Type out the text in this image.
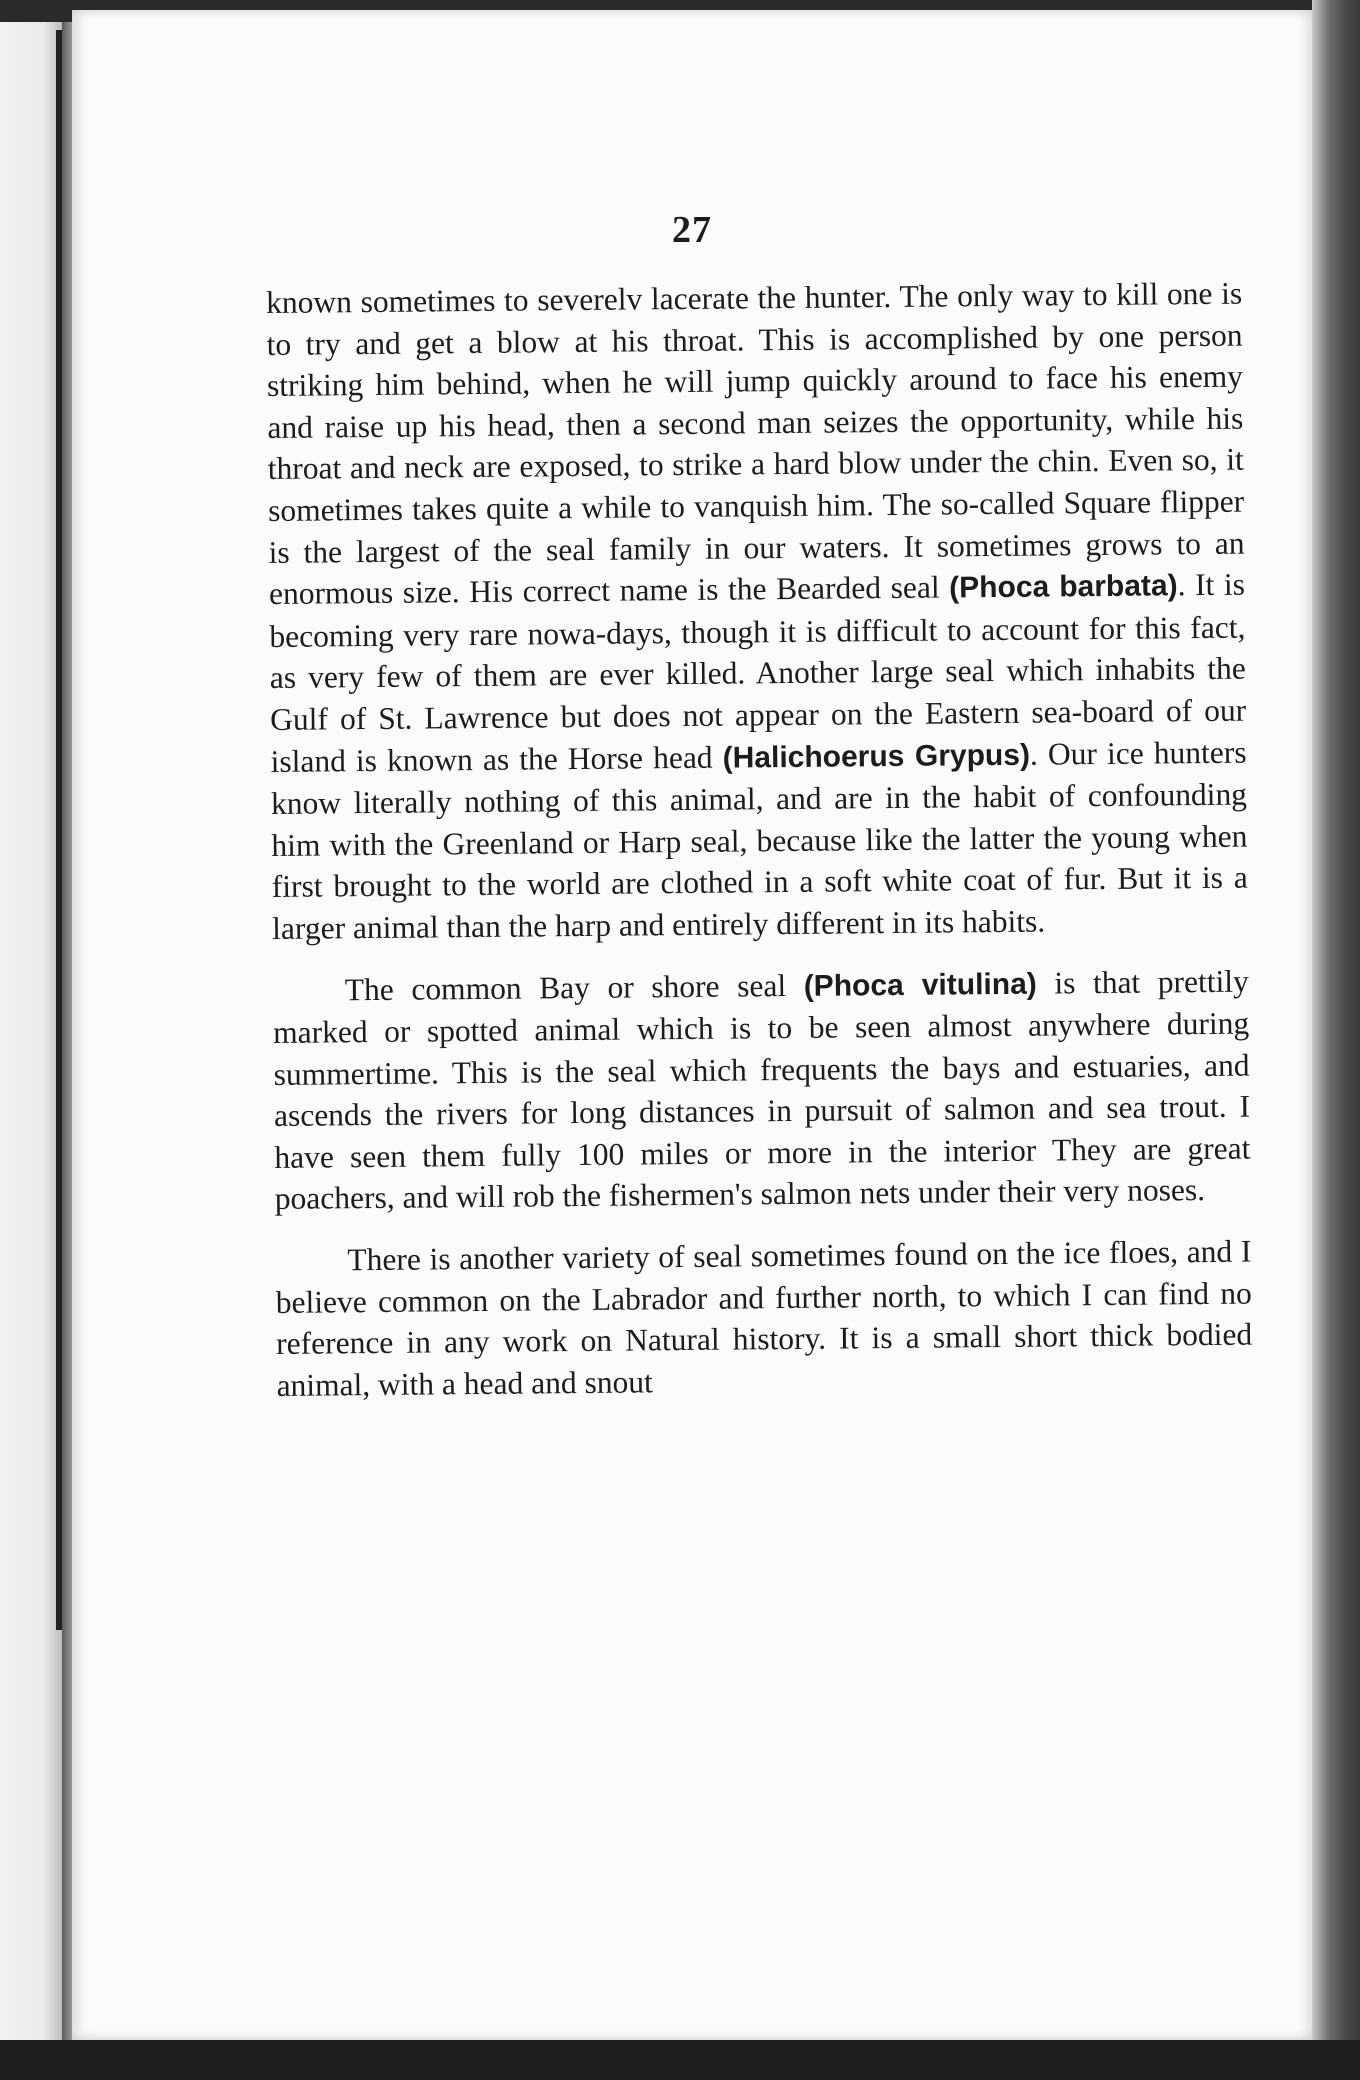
27

known sometimes to severelv lacerate the hunter. The only way to kill one is to try and get a blow at his throat. This is accomplished by one person striking him behind, when he will jump quickly around to face his enemy and raise up his head, then a second man seizes the opportunity, while his throat and neck are exposed, to strike a hard blow under the chin. Even so, it sometimes takes quite a while to vanquish him. The so-called Square flipper is the largest of the seal family in our waters. It sometimes grows to an enormous size. His correct name is the Bearded seal (Phoca barbata). It is becoming very rare nowa-days, though it is difficult to account for this fact, as very few of them are ever killed. Another large seal which inhabits the Gulf of St. Lawrence but does not appear on the Eastern sea-board of our island is known as the Horse head (Halichoerus Grypus). Our ice hunters know literally nothing of this animal, and are in the habit of confounding him with the Greenland or Harp seal, because like the latter the young when first brought to the world are clothed in a soft white coat of fur. But it is a larger animal than the harp and entirely different in its habits.

The common Bay or shore seal (Phoca vitulina) is that prettily marked or spotted animal which is to be seen almost anywhere during summertime. This is the seal which frequents the bays and estuaries, and ascends the rivers for long distances in pursuit of salmon and sea trout. I have seen them fully 100 miles or more in the interior They are great poachers, and will rob the fishermen's salmon nets under their very noses.

There is another variety of seal sometimes found on the ice floes, and I believe common on the Labrador and further north, to which I can find no reference in any work on Natural history. It is a small short thick bodied animal, with a head and snout
